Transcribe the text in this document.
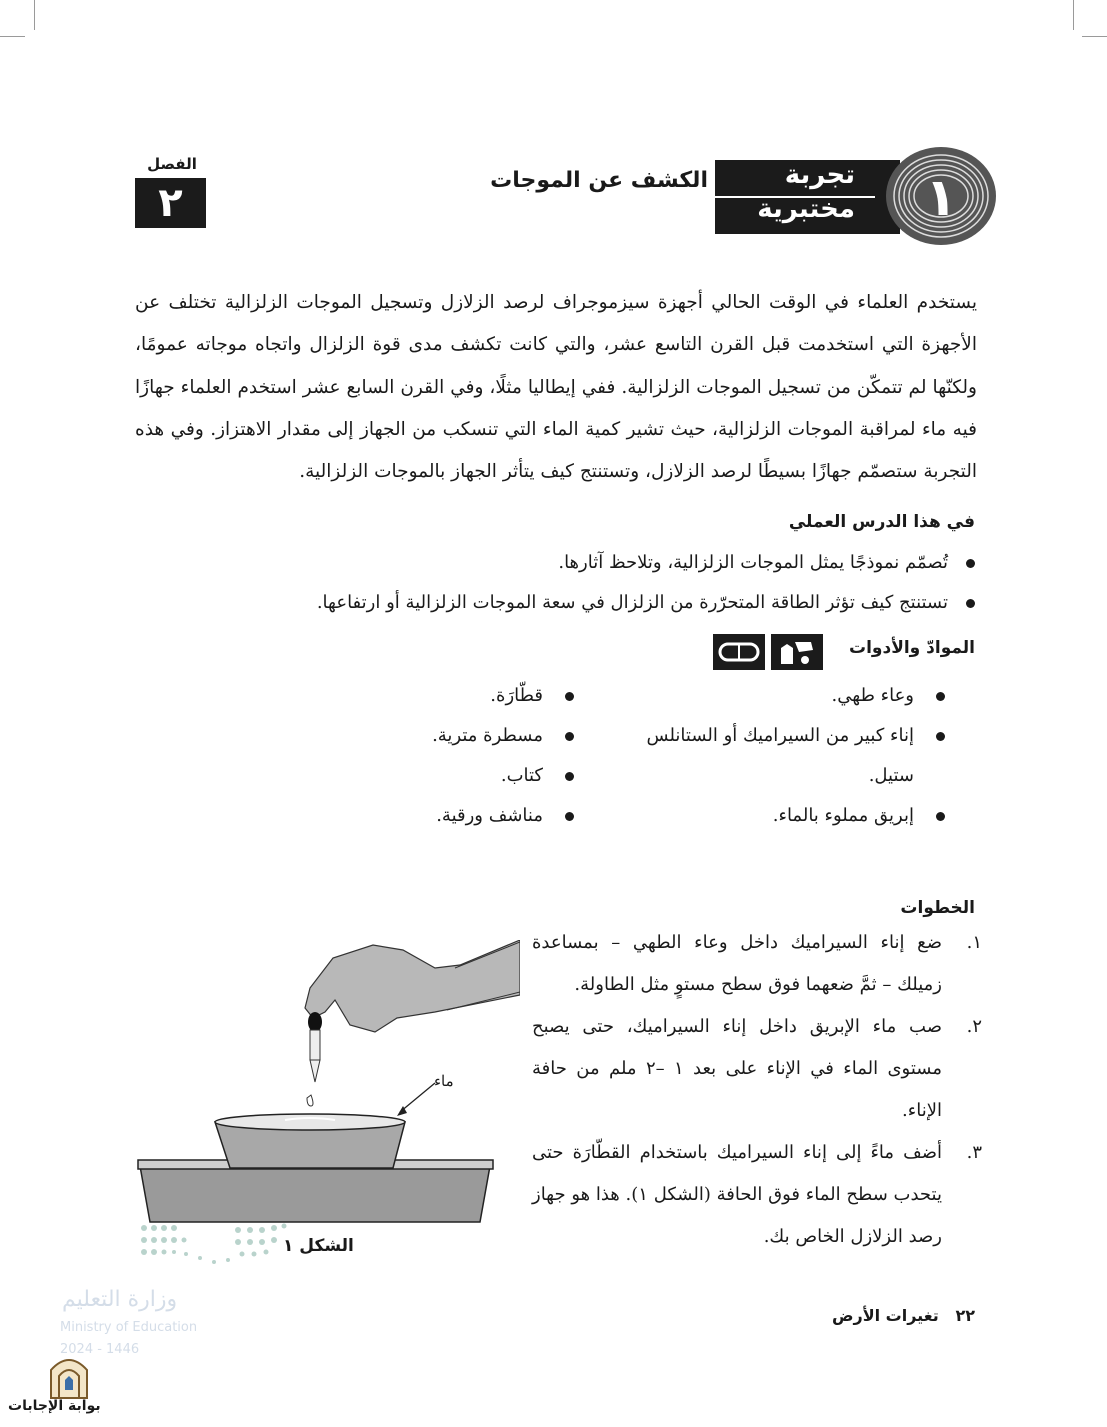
الفصل
٢	الكشف عن الموجات	تجربة
مختبرية ١

يستخدم العلماء في الوقت الحالي أجهزة سيزموجراف لرصد الزلازل وتسجيل الموجات الزلزالية تختلف عن الأجهزة التي استخدمت قبل القرن التاسع عشر، والتي كانت تكشف مدى قوة الزلزال واتجاه موجاته عمومًا، ولكنّها لم تتمكّن من تسجيل الموجات الزلزالية. ففي إيطاليا مثلًا، وفي القرن السابع عشر استخدم العلماء جهازًا فيه ماء لمراقبة الموجات الزلزالية، حيث تشير كمية الماء التي تنسكب من الجهاز إلى مقدار الاهتزاز. وفي هذه التجربة ستصمّم جهازًا بسيطًا لرصد الزلازل، وتستنتج كيف يتأثر الجهاز بالموجات الزلزالية.

في هذا الدرس العملي
تُصمّم نموذجًا يمثل الموجات الزلزالية، وتلاحظ آثارها.
تستنتج كيف تؤثر الطاقة المتحرّرة من الزلزال في سعة الموجات الزلزالية أو ارتفاعها.
الموادّ والأدوات
وعاء طهي.
إناء كبير من السيراميك أو الستانلس ستيل.
إبريق مملوء بالماء.
قطّارَة.
مسطرة مترية.
كتاب.
مناشف ورقية.
الخطوات
١.
ضع إناء السيراميك داخل وعاء الطهي – بمساعدة زميلك – ثمَّ ضعهما فوق سطح مستوٍ مثل الطاولة.
٢.
صب ماء الإبريق داخل إناء السيراميك، حتى يصبح مستوى الماء في الإناء على بعد ١ –٢ ملم من حافة الإناء.
٣.
أضف ماءً إلى إناء السيراميك باستخدام القطّارَة حتى يتحدب سطح الماء فوق الحافة (الشكل ١). هذا هو جهاز رصد الزلازل الخاص بك.
ماء
الشكل ١
٢٢   تغيرات الأرض
وزارة التعليم
Ministry of Education
2024 - 1446
بوابة الإجابات
